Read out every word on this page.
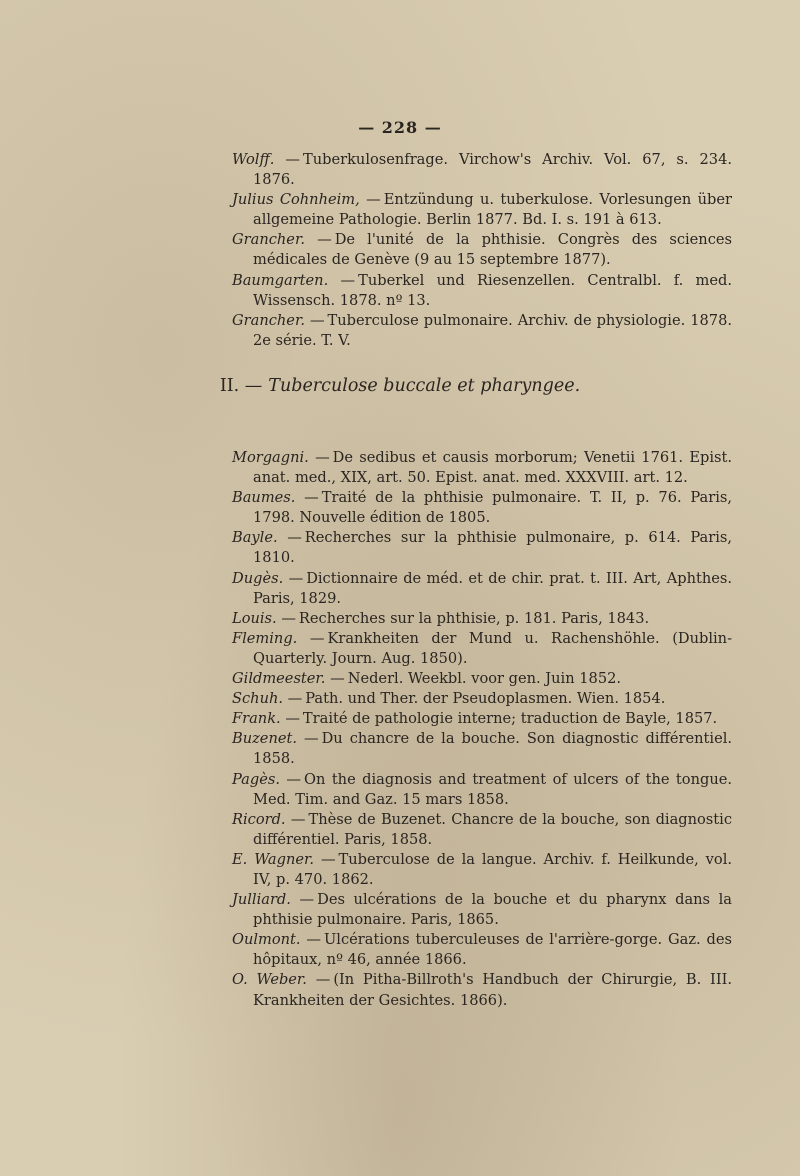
— 228 —
Wolff. — Tuberkulosenfrage. Virchow's Archiv. Vol. 67, s. 234. 1876.
Julius Cohnheim, — Entzündung u. tuberkulose. Vorlesungen über allgemeine Pathologie. Berlin 1877. Bd. I. s. 191 à 613.
Grancher. — De l'unité de la phthisie. Congrès des sciences médicales de Genève (9 au 15 septembre 1877).
Baumgarten. — Tuberkel und Riesenzellen. Centralbl. f. med. Wissensch. 1878. nº 13.
Grancher. — Tuberculose pulmonaire. Archiv. de physiologie. 1878. 2e série. T. V.
II. — Tuberculose buccale et pharyngee.
Morgagni. — De sedibus et causis morborum; Venetii 1761. Epist. anat. med., XIX, art. 50. Epist. anat. med. XXXVIII. art. 12.
Baumes. — Traité de la phthisie pulmonaire. T. II, p. 76. Paris, 1798. Nouvelle édition de 1805.
Bayle. — Recherches sur la phthisie pulmonaire, p. 614. Paris, 1810.
Dugès. — Dictionnaire de méd. et de chir. prat. t. III. Art, Aphthes. Paris, 1829.
Louis. — Recherches sur la phthisie, p. 181. Paris, 1843.
Fleming. — Krankheiten der Mund u. Rachenshöhle. (Dublin-Quarterly. Journ. Aug. 1850).
Gildmeester. — Nederl. Weekbl. voor gen. Juin 1852.
Schuh. — Path. und Ther. der Pseudoplasmen. Wien. 1854.
Frank. — Traité de pathologie interne; traduction de Bayle, 1857.
Buzenet. — Du chancre de la bouche. Son diagnostic différentiel. 1858.
Pagès. — On the diagnosis and treatment of ulcers of the tongue. Med. Tim. and Gaz. 15 mars 1858.
Ricord. — Thèse de Buzenet. Chancre de la bouche, son diagnostic différentiel. Paris, 1858.
E. Wagner. — Tuberculose de la langue. Archiv. f. Heilkunde, vol. IV, p. 470. 1862.
Julliard. — Des ulcérations de la bouche et du pharynx dans la phthisie pulmonaire. Paris, 1865.
Oulmont. — Ulcérations tuberculeuses de l'arrière-gorge. Gaz. des hôpitaux, nº 46, année 1866.
O. Weber. — (In Pitha-Billroth's Handbuch der Chirurgie, B. III. Krankheiten der Gesichtes. 1866).
